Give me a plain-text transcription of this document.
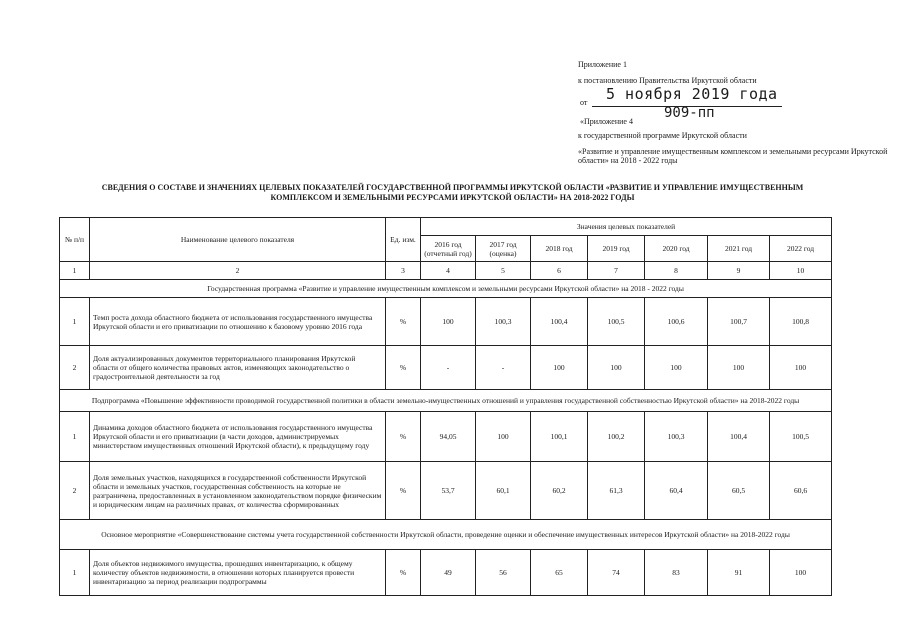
Приложение 1
к постановлению Правительства Иркутской области
от 5 ноября 2019 года
«Приложение 4
909-пп
к государственной программе Иркутской области
«Развитие и управление имущественным комплексом и земельными ресурсами Иркутской области» на 2018 - 2022 годы
СВЕДЕНИЯ О СОСТАВЕ И ЗНАЧЕНИЯХ ЦЕЛЕВЫХ ПОКАЗАТЕЛЕЙ ГОСУДАРСТВЕННОЙ ПРОГРАММЫ ИРКУТСКОЙ ОБЛАСТИ «РАЗВИТИЕ И УПРАВЛЕНИЕ ИМУЩЕСТВЕННЫМ КОМПЛЕКСОМ И ЗЕМЕЛЬНЫМИ РЕСУРСАМИ ИРКУТСКОЙ ОБЛАСТИ» НА 2018-2022 ГОДЫ
№ п/п	Наименование целевого показателя	Ед. изм.	Значения целевых показателей						
			2016 год (отчетный год)	2017 год (оценка)	2018 год	2019 год	2020 год	2021 год	2022 год
1	2	3	4	5	6	7	8	9	10
Государственная программа «Развитие и управление имущественным комплексом и земельными ресурсами Иркутской области» на 2018 - 2022 годы									
1	Темп роста дохода областного бюджета от использования государственного имущества Иркутской области и его приватизации по отношению к базовому уровню 2016 года	%	100	100,3	100,4	100,5	100,6	100,7	100,8
2	Доля актуализированных документов территориального планирования Иркутской области от общего количества правовых актов, изменяющих законодательство о градостроительной деятельности за год	%	-	-	100	100	100	100	100
Подпрограмма «Повышение эффективности проводимой государственной политики в области земельно-имущественных отношений и управления государственной собственностью Иркутской области» на 2018-2022 годы									
1	Динамика доходов областного бюджета от использования государственного имущества Иркутской области и его приватизации (в части доходов, администрируемых министерством имущественных отношений Иркутской области), к предыдущему году	%	94,05	100	100,1	100,2	100,3	100,4	100,5
2	Доля земельных участков, находящихся в государственной собственности Иркутской области и земельных участков, государственная собственность на которые не разграничена, предоставленных в установленном законодательством порядке физическим и юридическим лицам на различных правах, от количества сформированных	%	53,7	60,1	60,2	61,3	60,4	60,5	60,6
Основное мероприятие «Совершенствование системы учета государственной собственности Иркутской области, проведение оценки и обеспечение имущественных интересов Иркутской области» на 2018-2022 годы									
1	Доля объектов недвижимого имущества, прошедших инвентаризацию, к общему количеству объектов недвижимости, в отношении которых планируется провести инвентаризацию за период реализации подпрограммы	%	49	56	65	74	83	91	100
